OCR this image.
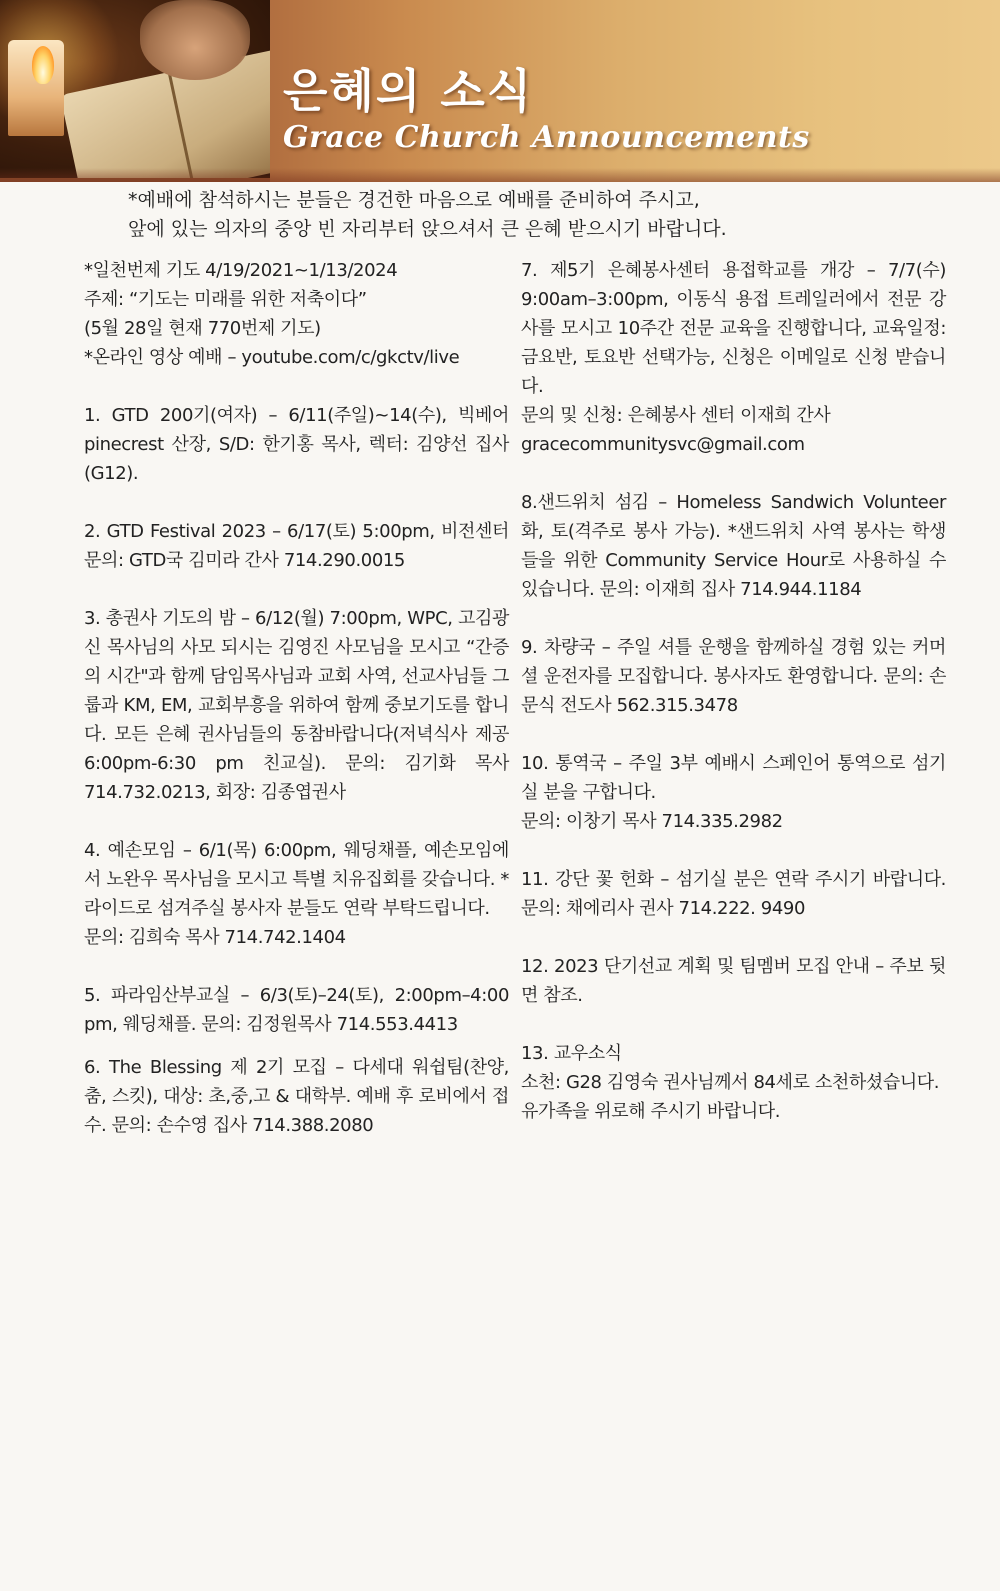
은혜의 소식
Grace Church Announcements
*예배에 참석하시는 분들은 경건한 마음으로 예배를 준비하여 주시고,
앞에 있는 의자의 중앙 빈 자리부터 앉으셔서 큰 은혜 받으시기 바랍니다.

*일천번제 기도 4/19/2021~1/13/2024

주제: “기도는 미래를 위한 저축이다”

(5월 28일 현재 770번제 기도)

*온라인 영상 예배 – youtube.com/c/gkctv/live

1. GTD 200기(여자) – 6/11(주일)~14(수), 빅베어 pinecrest 산장, S/D: 한기홍 목사, 렉터: 김양선 집사(G12).

2. GTD Festival 2023 – 6/17(토) 5:00pm, 비전센터 문의: GTD국 김미라 간사 714.290.0015

3. 총권사 기도의 밤 – 6/12(월) 7:00pm, WPC, 고김광신 목사님의 사모 되시는 김영진 사모님을 모시고 “간증의 시간"과 함께 담임목사님과 교회 사역, 선교사님들 그룹과 KM, EM, 교회부흥을 위하여 함께 중보기도를 합니다. 모든 은혜 권사님들의 동참바랍니다(저녁식사 제공 6:00pm-6:30 pm 친교실). 문의: 김기화 목사 714.732.0213, 회장: 김종엽권사

4. 예손모임 – 6/1(목) 6:00pm, 웨딩채플, 예손모임에서 노완우 목사님을 모시고 특별 치유집회를 갖습니다. *라이드로 섬겨주실 봉사자 분들도 연락 부탁드립니다.

문의: 김희숙 목사 714.742.1404

5. 파라임산부교실 – 6/3(토)–24(토), 2:00pm–4:00 pm, 웨딩채플. 문의: 김정원목사 714.553.4413

6. The Blessing 제 2기 모집 – 다세대 워쉽팀(찬양, 춤, 스킷), 대상: 초,중,고 & 대학부. 예배 후 로비에서 접수. 문의: 손수영 집사 714.388.2080

7. 제5기 은혜봉사센터 용접학교를 개강 – 7/7(수) 9:00am–3:00pm, 이동식 용접 트레일러에서 전문 강사를 모시고 10주간 전문 교육을 진행합니다, 교육일정: 금요반, 토요반 선택가능, 신청은 이메일로 신청 받습니다.

문의 및 신청: 은혜봉사 센터 이재희 간사

gracecommunitysvc@gmail.com

8.샌드위치 섬김 – Homeless Sandwich Volunteer 화, 토(격주로 봉사 가능). *샌드위치 사역 봉사는 학생들을 위한 Community Service Hour로 사용하실 수 있습니다. 문의: 이재희 집사 714.944.1184

9. 차량국 – 주일 셔틀 운행을 함께하실 경험 있는 커머셜 운전자를 모집합니다. 봉사자도 환영합니다. 문의: 손문식 전도사 562.315.3478

10. 통역국 – 주일 3부 예배시 스페인어 통역으로 섬기실 분을 구합니다.

문의: 이창기 목사 714.335.2982

11. 강단 꽃 헌화 – 섬기실 분은 연락 주시기 바랍니다. 문의: 채에리사 권사 714.222. 9490

12. 2023 단기선교 계획 및 팀멤버 모집 안내 – 주보 뒷면 참조.

13. 교우소식

소천: G28 김영숙 권사님께서 84세로 소천하셨습니다.

유가족을 위로해 주시기 바랍니다.
